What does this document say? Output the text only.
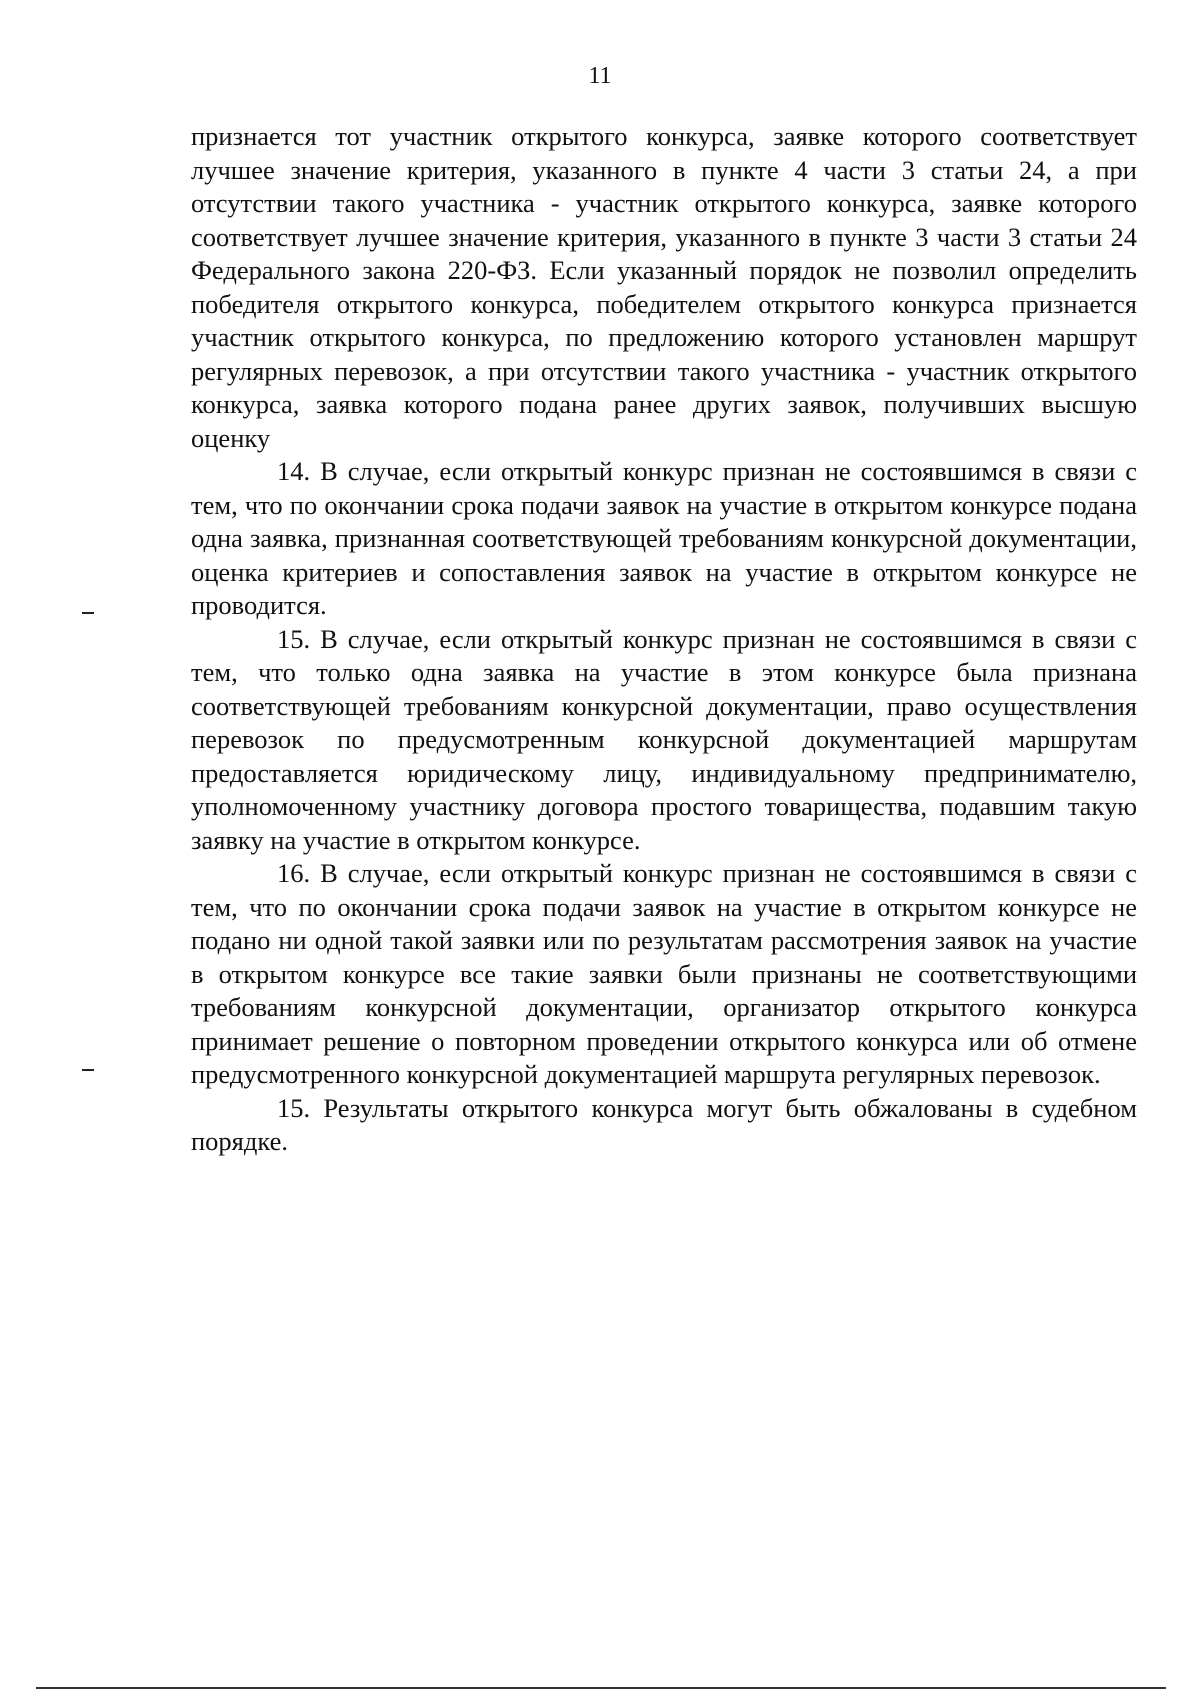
11

признается тот участник открытого конкурса, заявке которого соответствует лучшее значение критерия, указанного в пункте 4 части 3 статьи 24, а при отсутствии такого участника - участник открытого конкурса, заявке которого соответствует лучшее значение критерия, указанного в пункте 3 части 3 статьи 24 Федерального закона 220-ФЗ. Если указанный порядок не позволил определить победителя открытого конкурса, победителем открытого конкурса признается участник открытого конкурса, по предложению которого установлен маршрут регулярных перевозок, а при отсутствии такого участника - участник открытого конкурса, заявка которого подана ранее других заявок, получивших высшую оценку

14. В случае, если открытый конкурс признан не состоявшимся в связи с тем, что по окончании срока подачи заявок на участие в открытом конкурсе подана одна заявка, признанная соответствующей требованиям конкурсной документации, оценка критериев и сопоставления заявок на участие в открытом конкурсе не проводится.

15. В случае, если открытый конкурс признан не состоявшимся в связи с тем, что только одна заявка на участие в этом конкурсе была признана соответствующей требованиям конкурсной документации, право осуществления перевозок по предусмотренным конкурсной документацией маршрутам предоставляется юридическому лицу, индивидуальному предпринимателю, уполномоченному участнику договора простого товарищества, подавшим такую заявку на участие в открытом конкурсе.

16. В случае, если открытый конкурс признан не состоявшимся в связи с тем, что по окончании срока подачи заявок на участие в открытом конкурсе не подано ни одной такой заявки или по результатам рассмотрения заявок на участие в открытом конкурсе все такие заявки были признаны не соответствующими требованиям конкурсной документации, организатор открытого конкурса принимает решение о повторном проведении открытого конкурса или об отмене предусмотренного конкурсной документацией маршрута регулярных перевозок.

15. Результаты открытого конкурса могут быть обжалованы в судебном порядке.
